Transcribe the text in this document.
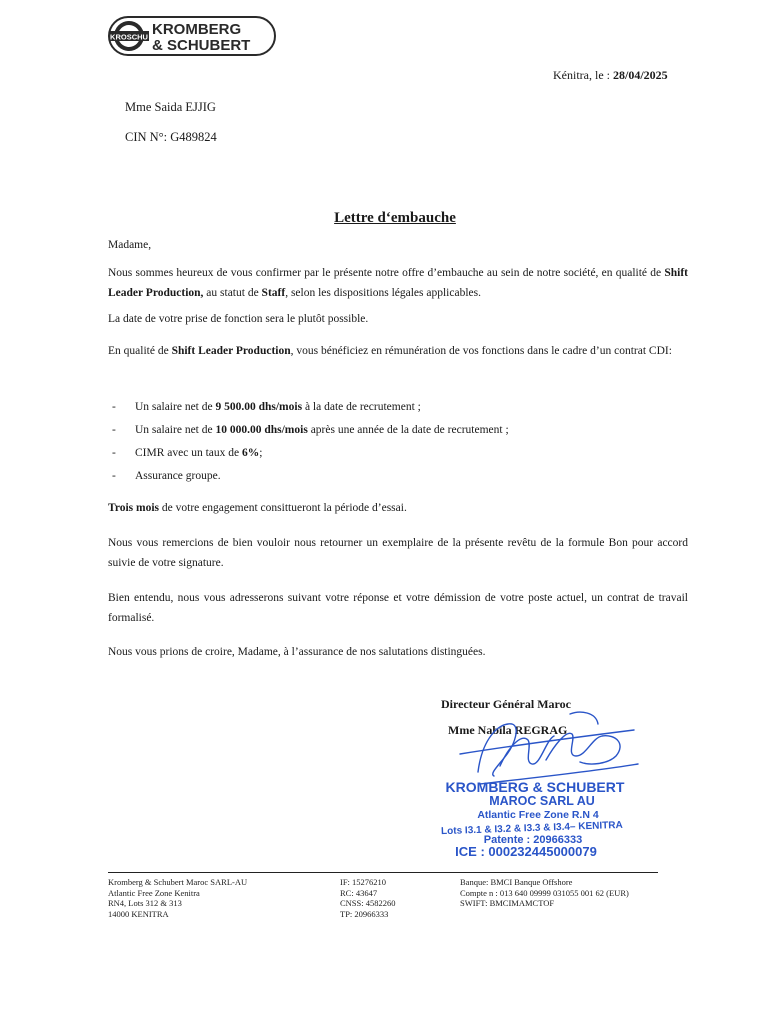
KROSCHU KROMBERG
& SCHUBERT
Kénitra, le : 28/04/2025
Mme Saida EJJIG
CIN N°: G489824
Lettre d‘embauche
Madame,
Nous sommes heureux de vous confirmer par le présente notre offre d’embauche au sein de notre société, en qualité de Shift Leader Production, au statut de Staff, selon les dispositions légales applicables.
La date de votre prise de fonction sera le plutôt possible.
En qualité de Shift Leader Production, vous bénéficiez en rémunération de vos fonctions dans le cadre d’un contrat CDI:
- Un salaire net de 9 500.00 dhs/mois à la date de recrutement ;
- Un salaire net de 10 000.00 dhs/mois après une année de la date de recrutement ;
- CIMR avec un taux de 6%;
- Assurance groupe.
Trois mois de votre engagement consittueront la période d’essai.
Nous vous remercions de bien vouloir nous retourner un exemplaire de la présente revêtu de la formule Bon pour accord suivie de votre signature.
Bien entendu, nous vous adresserons suivant votre réponse et votre démission de votre poste actuel, un contrat de travail formalisé.
Nous vous prions de croire, Madame, à l’assurance de nos salutations distinguées.
Directeur Général Maroc
Mme Nabila REGRAG
KROMBERG & SCHUBERT
MAROC SARL AU
Atlantic Free Zone R.N 4
Lots I3.1 & I3.2 & I3.3 & I3.4– KENITRA
Patente : 20966333
ICE : 000232445000079
Kromberg & Schubert Maroc SARL-AU
Atlantic Free Zone Kenitra
RN4, Lots 312 & 313
14000 KENITRA
IF: 15276210
RC: 43647
CNSS: 4582260
TP: 20966333
Banque: BMCI Banque Offshore
Compte n : 013 640 09999 031055 001 62 (EUR)
SWIFT: BMCIMAMCTOF
